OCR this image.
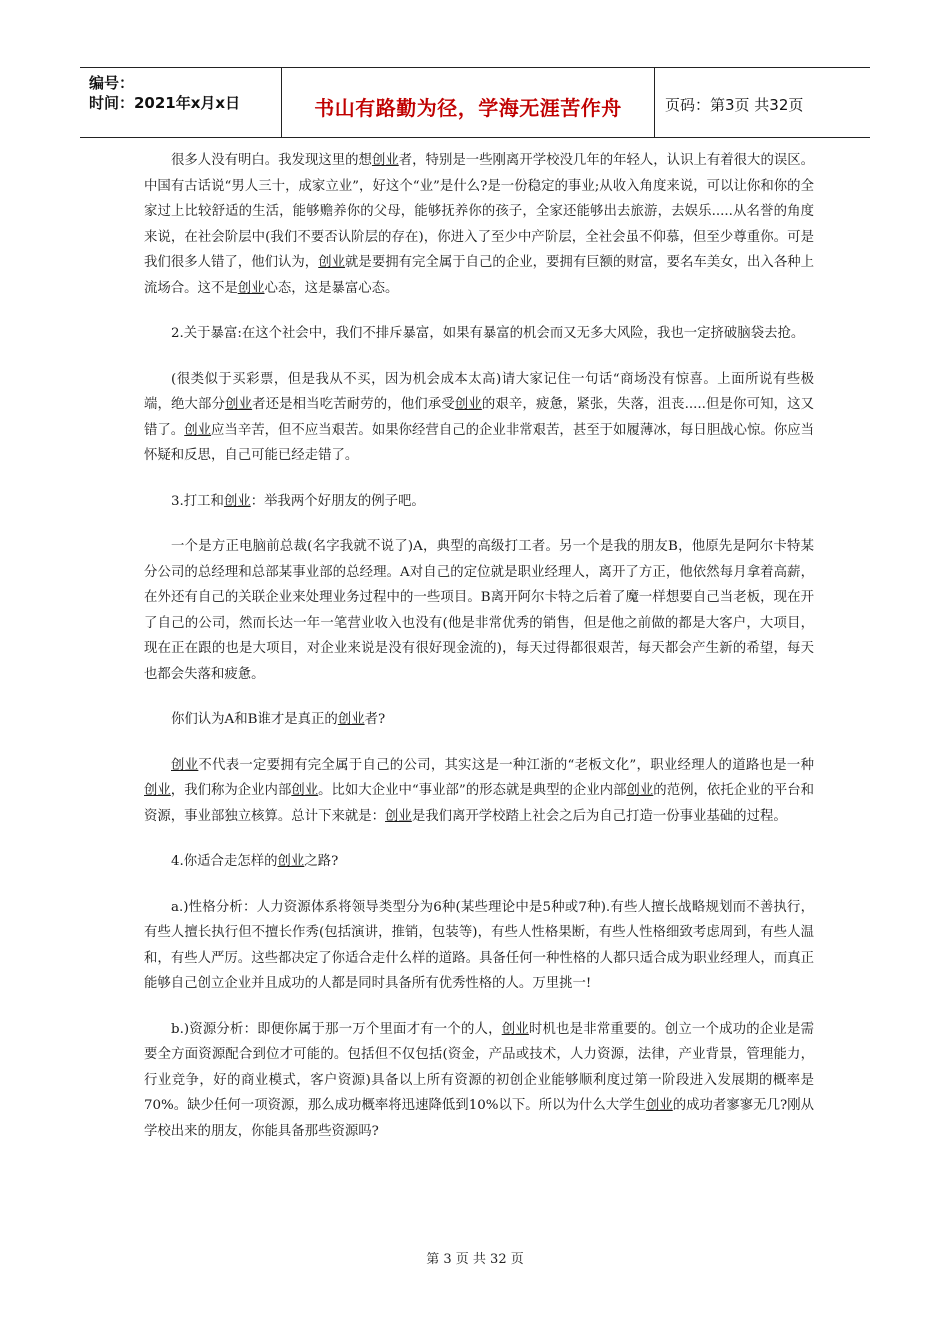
编号：
时间：2021年x月x日	书山有路勤为径，学海无涯苦作舟	页码：第3页 共32页

很多人没有明白。我发现这里的想创业者，特别是一些刚离开学校没几年的年轻人，认识上有着很大的误区。中国有古话说“男人三十，成家立业”，好这个“业”是什么?是一份稳定的事业;从收入角度来说，可以让你和你的全家过上比较舒适的生活，能够赡养你的父母，能够抚养你的孩子，全家还能够出去旅游，去娱乐.....从名誉的角度来说，在社会阶层中(我们不要否认阶层的存在)，你进入了至少中产阶层，全社会虽不仰慕，但至少尊重你。可是我们很多人错了，他们认为，创业就是要拥有完全属于自己的企业，要拥有巨额的财富，要名车美女，出入各种上流场合。这不是创业心态，这是暴富心态。

2.关于暴富:在这个社会中，我们不排斥暴富，如果有暴富的机会而又无多大风险，我也一定挤破脑袋去抢。

(很类似于买彩票，但是我从不买，因为机会成本太高)请大家记住一句话“商场没有惊喜。上面所说有些极端，绝大部分创业者还是相当吃苦耐劳的，他们承受创业的艰辛，疲惫，紧张，失落，沮丧.....但是你可知，这又错了。创业应当辛苦，但不应当艰苦。如果你经营自己的企业非常艰苦，甚至于如履薄冰，每日胆战心惊。你应当怀疑和反思，自己可能已经走错了。

3.打工和创业：举我两个好朋友的例子吧。

一个是方正电脑前总裁(名字我就不说了)A，典型的高级打工者。另一个是我的朋友B，他原先是阿尔卡特某分公司的总经理和总部某事业部的总经理。A对自己的定位就是职业经理人，离开了方正，他依然每月拿着高薪，在外还有自己的关联企业来处理业务过程中的一些项目。B离开阿尔卡特之后着了魔一样想要自己当老板，现在开了自己的公司，然而长达一年一笔营业收入也没有(他是非常优秀的销售，但是他之前做的都是大客户，大项目，现在正在跟的也是大项目，对企业来说是没有很好现金流的)，每天过得都很艰苦，每天都会产生新的希望，每天也都会失落和疲惫。

你们认为A和B谁才是真正的创业者?

创业不代表一定要拥有完全属于自己的公司，其实这是一种江浙的“老板文化”，职业经理人的道路也是一种创业，我们称为企业内部创业。比如大企业中“事业部”的形态就是典型的企业内部创业的范例，依托企业的平台和资源，事业部独立核算。总计下来就是：创业是我们离开学校踏上社会之后为自己打造一份事业基础的过程。

4.你适合走怎样的创业之路?

a.)性格分析：人力资源体系将领导类型分为6种(某些理论中是5种或7种).有些人擅长战略规划而不善执行，有些人擅长执行但不擅长作秀(包括演讲，推销，包装等)，有些人性格果断，有些人性格细致考虑周到，有些人温和，有些人严厉。这些都决定了你适合走什么样的道路。具备任何一种性格的人都只适合成为职业经理人，而真正能够自己创立企业并且成功的人都是同时具备所有优秀性格的人。万里挑一!

b.)资源分析：即便你属于那一万个里面才有一个的人，创业时机也是非常重要的。创立一个成功的企业是需要全方面资源配合到位才可能的。包括但不仅包括(资金，产品或技术，人力资源，法律，产业背景，管理能力，行业竞争，好的商业模式，客户资源)具备以上所有资源的初创企业能够顺利度过第一阶段进入发展期的概率是70%。缺少任何一项资源，那么成功概率将迅速降低到10%以下。所以为什么大学生创业的成功者寥寥无几?刚从学校出来的朋友，你能具备那些资源吗?

第 3 页 共 32 页
